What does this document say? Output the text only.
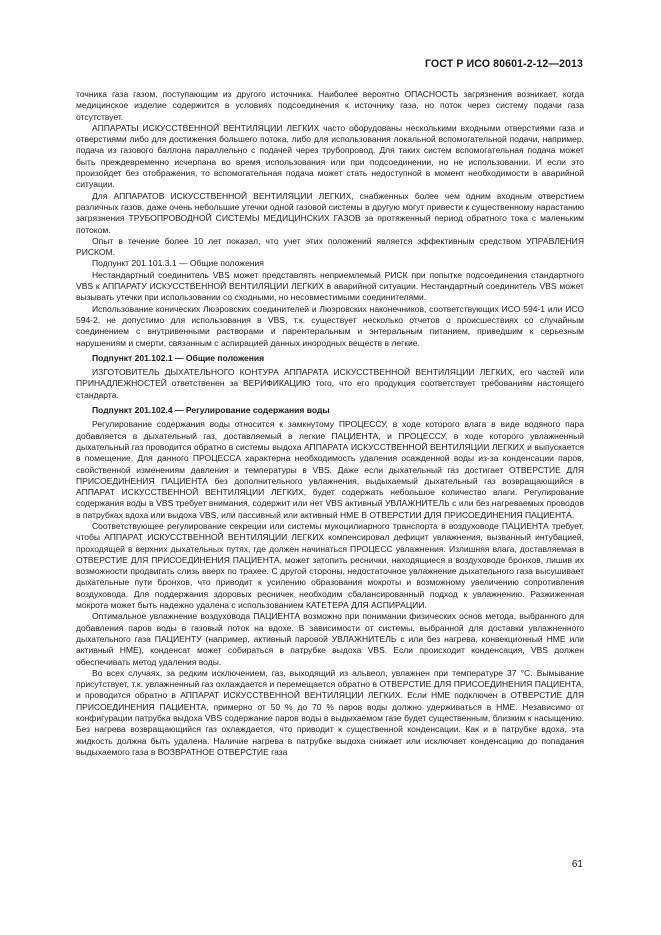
ГОСТ Р ИСО 80601-2-12—2013

точника газа газом, поступающим из другого источника. Наиболее вероятно ОПАСНОСТЬ загрязнения возникает, когда медицинское изделие содержится в условиях подсоединения к источнику газа, но поток через систему подачи газа отсутствует.

АППАРАТЫ ИСКУССТВЕННОЙ ВЕНТИЛЯЦИИ ЛЕГКИХ часто оборудованы несколькими входными отверстиями газа и отверстиями либо для достижения большего потока, либо для использования локальной вспомогательной подачи, например, подача из газового баллона параллельно с подачей через трубопровод. Для таких систем вспомогательная подача может быть преждевременно исчерпана во время использования или при подсоединении, но не использовании. И если это произойдет без отображения, то вспомогательная подача может стать недоступной в момент необходимости в аварийной ситуации.

Для АППАРАТОВ ИСКУССТВЕННОЙ ВЕНТИЛЯЦИИ ЛЕГКИХ, снабженных более чем одним входным отверстием различных газов, даже очень небольшие утечки одной газовой системы в другую могут привести к существенному нарастанию загрязнения ТРУБОПРОВОДНОЙ СИСТЕМЫ МЕДИЦИНСКИХ ГАЗОВ за протяженный период обратного тока с маленьким потоком.

Опыт в течение более 10 лет показал, что учет этих положений является эффективным средством УПРАВЛЕНИЯ РИСКОМ.

Подпункт 201.101.3.1 — Общие положения

Нестандартный соединитель VBS может представлять неприемлемый РИСК при попытке подсоединения стандартного VBS к АППАРАТУ ИСКУССТВЕННОЙ ВЕНТИЛЯЦИИ ЛЕГКИХ в аварийной ситуации. Нестандартный соединитель VBS может вызывать утечки при использовании со сходными, но несовместимыми соединителями.

Использование конических Люэровских соединителей и Люэровских наконечников, соответствующих ИСО 594-1 или ИСО 594-2, не допустимо для использования в VBS, т.к. существует несколько отчетов о происшествиях со случайным соединением с внутривенными растворами и парентеральным и энтеральным питанием, приведшим к серьезным нарушениям и смерти, связанным с аспирацией данных инородных веществ в легкие.

Подпункт 201.102.1 — Общие положения

ИЗГОТОВИТЕЛЬ ДЫХАТЕЛЬНОГО КОНТУРА АППАРАТА ИСКУССТВЕННОЙ ВЕНТИЛЯЦИИ ЛЕГКИХ, его частей или ПРИНАДЛЕЖНОСТЕЙ ответственен за ВЕРИФИКАЦИЮ того, что его продукция соответствует требованиям настоящего стандарта.

Подпункт 201.102.4 — Регулирование содержания воды

Регулирование содержания воды относится к замкнутому ПРОЦЕССУ, в ходе которого влага в виде водяного пара добавляется в дыхательный газ, доставляемый в легкие ПАЦИЕНТА, и ПРОЦЕССУ, в ходе которого увлажненный дыхательный газ проводится обратно в системы выдоха АППАРАТА ИСКУССТВЕННОЙ ВЕНТИЛЯЦИИ ЛЕГКИХ и выпускается в помещение. Для данного ПРОЦЕССА характерна необходимость удаления осажденной воды из-за конденсации паров, свойственной изменениям давления и температуры в VBS. Даже если дыхательный газ достигает ОТВЕРСТИЕ ДЛЯ ПРИСОЕДИНЕНИЯ ПАЦИЕНТА без дополнительного увлажнения, выдыхаемый дыхательный газ возвращающийся в АППАРАТ ИСКУССТВЕННОЙ ВЕНТИЛЯЦИИ ЛЕГКИХ, будет содержать небольшое количество влаги. Регулирование содержания воды в VBS требует внимания, содержит или нет VBS активный УВЛАЖНИТЕЛЬ с или без нагреваемых проводов в патрубках вдоха или выдоха VBS, или пассивный или активный НМЕ В ОТВЕРСТИИ ДЛЯ ПРИСОЕДИНЕНИЯ ПАЦИЕНТА.

Соответствующее регулирование секреции или системы мукоцилиарного транспорта в воздуховоде ПАЦИЕНТА требует, чтобы АППАРАТ ИСКУССТВЕННОЙ ВЕНТИЛЯЦИИ ЛЕГКИХ компенсировал дефицит увлажнения, вызванный интубацией, проходящей в верхних дыхательных путях, где должен начинаться ПРОЦЕСС увлажнения. Излишняя влага, доставляемая в ОТВЕРСТИЕ ДЛЯ ПРИСОЕДИНЕНИЯ ПАЦИЕНТА, может затопить реснички, находящиеся в воздуховоде бронхов, лишив их возможности продвигать слизь вверх по трахее. С другой стороны, недостаточное увлажнение дыхательного газа высушивает дыхательные пути бронхов, что приводит к усилению образования мокроты и возможному увеличению сопротивления воздуховода. Для поддержания здоровых ресничек необходим сбалансированный подход к увлажнению. Разжиженная мокрота может быть надежно удалена с использованием КАТЕТЕРА ДЛЯ АСПИРАЦИИ.

Оптимальное увлажнение воздуховода ПАЦИЕНТА возможно при понимании физических основ метода, выбранного для добавления паров воды в газовый поток на вдохе. В зависимости от системы, выбранной для доставки увлажненного дыхательного газа ПАЦИЕНТУ (например, активный паровой УВЛАЖНИТЕЛЬ с или без нагрева, конвекционный НМЕ или активный НМЕ), конденсат может собираться в патрубке выдоха VBS. Если происходит конденсация, VBS должен обеспечивать метод удаления воды.

Во всех случаях, за редким исключением, газ, выходящий из альвеол, увлажнен при температуре 37 °С. Вымывание присутствует, т.к. увлажненный газ охлаждается и перемещается обратно в ОТВЕРСТИЕ ДЛЯ ПРИСОЕДИНЕНИЯ ПАЦИЕНТА, и проводится обратно в АППАРАТ ИСКУССТВЕННОЙ ВЕНТИЛЯЦИИ ЛЕГКИХ. Если НМЕ подключен в ОТВЕРСТИЕ ДЛЯ ПРИСОЕДИНЕНИЯ ПАЦИЕНТА, примерно от 50 % до 70 % паров воды должно удерживаться в НМЕ. Независимо от конфигурации патрубка выдоха VBS содержание паров воды в выдыхаемом газе будет существенным, близким к насыщению. Без нагрева возвращающийся газ охлаждается, что приводит к существенной конденсации. Как и в патрубке вдоха, эта жидкость должна быть удалена. Наличие нагрева в патрубке выдоха снижает или исключает конденсацию до попадания выдыхаемого газа в ВОЗВРАТНОЕ ОТВЕРСТИЕ газа

61
